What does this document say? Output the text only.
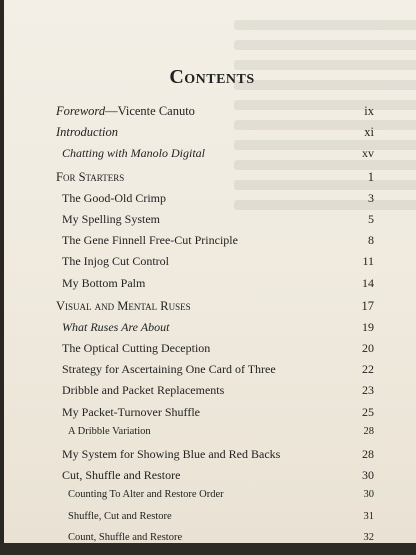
Contents
Foreword—Vicente Canuto	ix
Introduction	xi
Chatting with Manolo Digital	xv
For Starters	1
The Good-Old Crimp	3
My Spelling System	5
The Gene Finnell Free-Cut Principle	8
The Injog Cut Control	11
My Bottom Palm	14
Visual and Mental Ruses	17
What Ruses Are About	19
The Optical Cutting Deception	20
Strategy for Ascertaining One Card of Three	22
Dribble and Packet Replacements	23
My Packet-Turnover Shuffle	25
A Dribble Variation	28
My System for Showing Blue and Red Backs	28
Cut, Shuffle and Restore	30
Counting To Alter and Restore Order	30
Shuffle, Cut and Restore	31
Count, Shuffle and Restore	32
